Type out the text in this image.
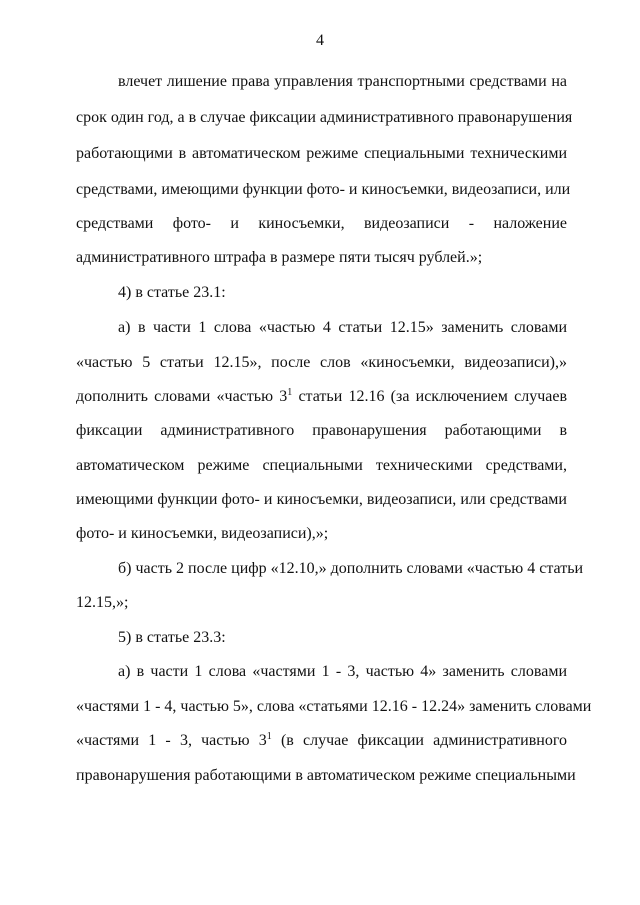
4
влечет лишение права управления транспортными средствами на
срок один год, а в случае фиксации административного правонарушения
работающими в автоматическом режиме специальными техническими
средствами, имеющими функции фото- и киносъемки, видеозаписи, или
средствами фото- и киносъемки, видеозаписи - наложение
административного штрафа в размере пяти тысяч рублей.»;
4) в статье 23.1:
а) в части 1 слова «частью 4 статьи 12.15» заменить словами
«частью 5 статьи 12.15», после слов «киносъемки, видеозаписи),»
дополнить словами «частью $3^1$ статьи 12.16 (за исключением случаев
фиксации административного правонарушения работающими в
автоматическом режиме специальными техническими средствами,
имеющими функции фото- и киносъемки, видеозаписи, или средствами
фото- и киносъемки, видеозаписи),»;
б) часть 2 после цифр «12.10,» дополнить словами «частью 4 статьи
12.15,»;
5) в статье 23.3:
а) в части 1 слова «частями 1 - 3, частью 4» заменить словами
«частями 1 - 4, частью 5», слова «статьями 12.16 - 12.24» заменить словами
«частями 1 - 3, частью $3^1$ (в случае фиксации административного
правонарушения работающими в автоматическом режиме специальными
